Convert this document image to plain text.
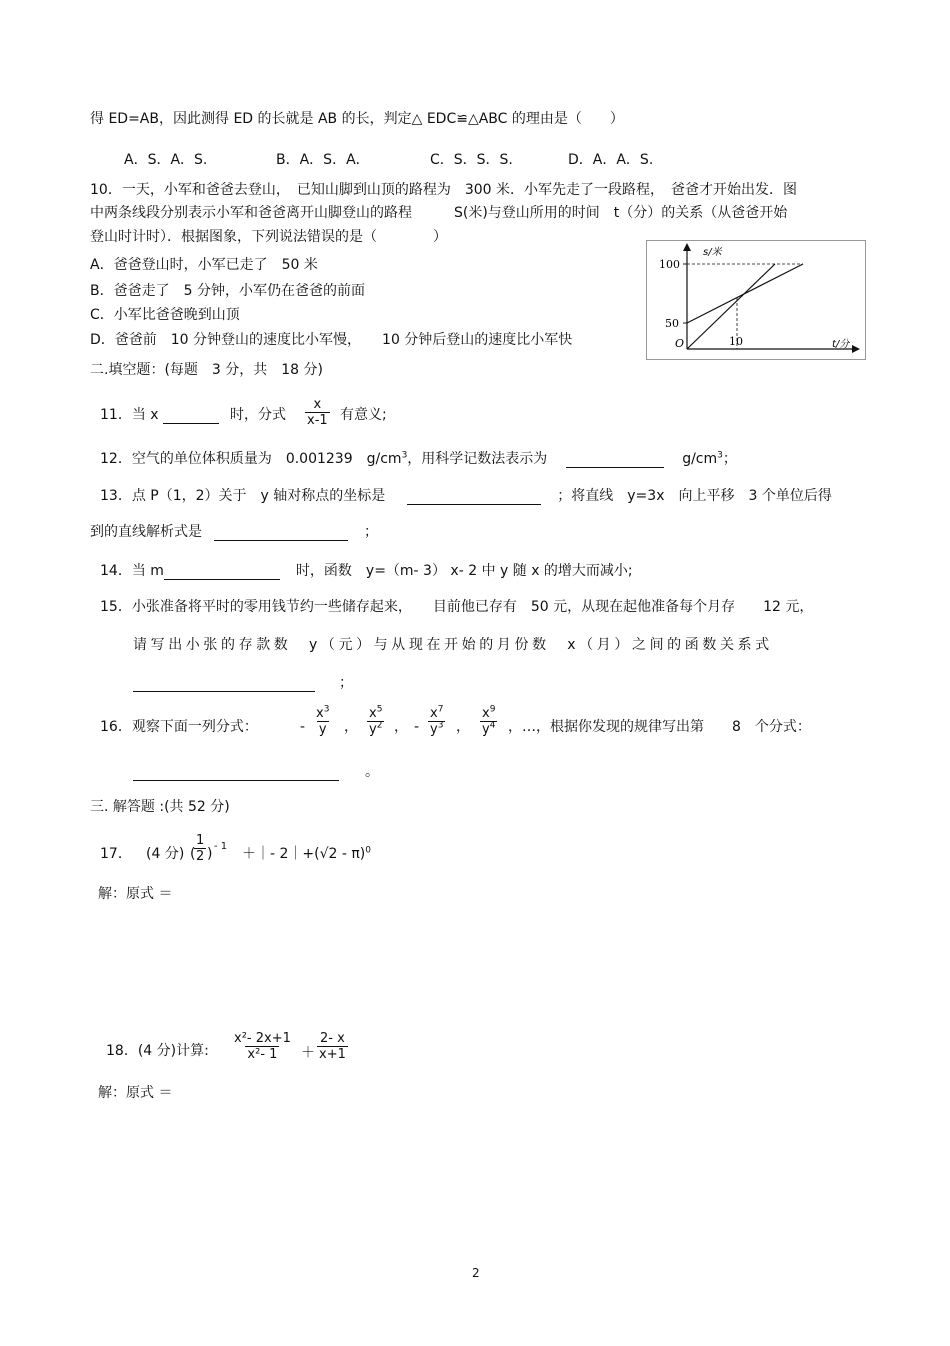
得 ED=AB，因此测得 ED 的长就是 AB 的长，判定△ EDC≌△ABC 的理由是（　　）
A．S．A．S.	B．A．S．A．	C．S．S．S.	D．A．A．S.
10．一天，小军和爸爸去登山，　已知山脚到山顶的路程为　300 米．小军先走了一段路程，　爸爸才开始出发．图
中两条线段分别表示小军和爸爸离开山脚登山的路程　　　S(米)与登山所用的时间　t（分）的关系（从爸爸开始
登山时计时）．根据图象，下列说法错误的是（　　　　）
A．爸爸登山时，小军已走了　50 米
B．爸爸走了　5 分钟，小军仍在爸爸的前面
C．小军比爸爸晚到山顶
D．爸爸前　10 分钟登山的速度比小军慢，　　10 分钟后登山的速度比小军快
100
50
10
O
s/米
t/分
二.填空题：(每题　3 分，共　18 分)
11．当 x	时，分式 $\frac{x}{x-1}$ 有意义;
12．空气的单位体积质量为　0.001239　$g/cm^3$，用科学记数法表示为	$g/cm^3$；
13．点 P（1，2）关于　y 轴对称点的坐标是	；将直线　y=3x　向上平移　3 个单位后得
到的直线解析式是	；
14．当 m	时，函数　y=（m- 3） x- 2 中 y 随 x 的增大而减小;
15．小张准备将平时的零用钱节约一些储存起来，　　目前他已存有　50 元，从现在起他准备每个月存　　12 元，
请写出小张的存款数　y（元）与从现在开始的月份数　x（月）之间的函数关系式
；
16．观察下面一列分式：	- $\frac{x^3}{y}$ ， $\frac{x^5}{y^2}$ ， - $\frac{x^7}{y^3}$ ， $\frac{x^9}{y^4}$ ，…，根据你发现的规律写出第　　8　个分式：
。
三. 解答题 :(共 52 分)
17． (4 分) (
$\frac{1}{2}$ ) - 1 ＋｜- 2｜+(√2 - π)$^0$
解：原式 ＝
18．(4 分)计算: $\frac{\text{x²- 2x+1}}{\text{x²- 1}} + \frac{2- x}{x+1}$
解：原式 ＝
2
